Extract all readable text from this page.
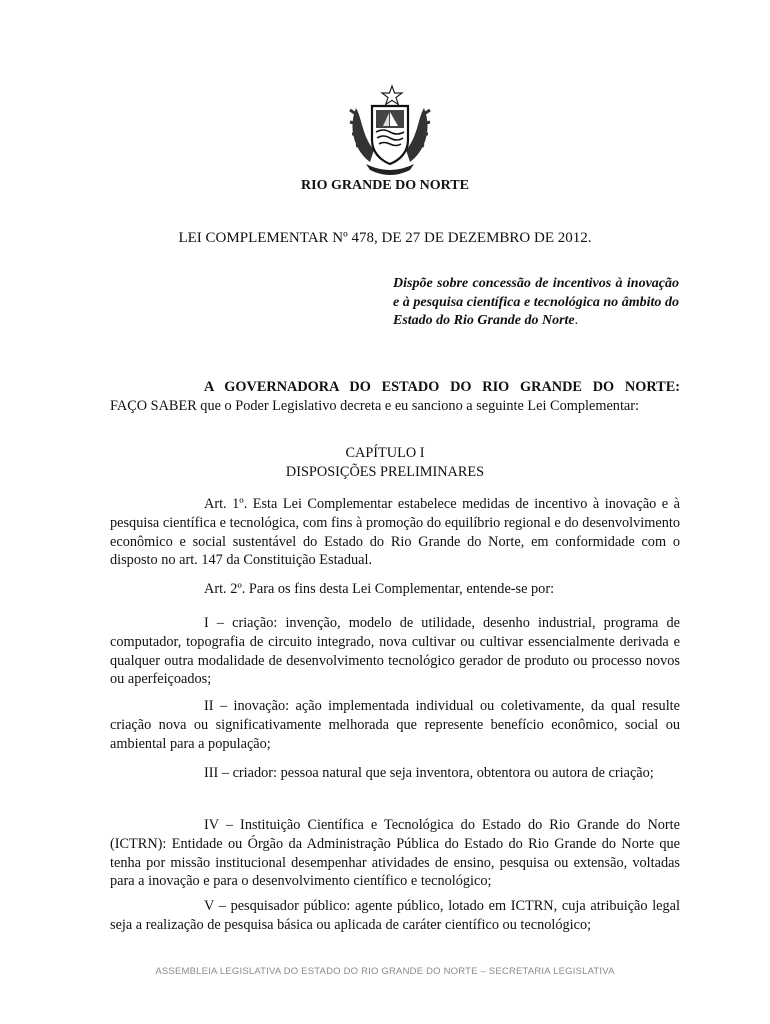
RIO GRANDE DO NORTE
LEI COMPLEMENTAR Nº 478, DE 27 DE DEZEMBRO DE 2012.
Dispõe sobre concessão de incentivos à inovação e à pesquisa científica e tecnológica no âmbito do Estado do Rio Grande do Norte.
A GOVERNADORA DO ESTADO DO RIO GRANDE DO NORTE:
FAÇO SABER que o Poder Legislativo decreta e eu sanciono a seguinte Lei Complementar:
CAPÍTULO I
DISPOSIÇÕES PRELIMINARES
Art. 1º. Esta Lei Complementar estabelece medidas de incentivo à inovação e à pesquisa científica e tecnológica, com fins à promoção do equilíbrio regional e do desenvolvimento econômico e social sustentável do Estado do Rio Grande do Norte, em conformidade com o disposto no art. 147 da Constituição Estadual.
Art. 2º. Para os fins desta Lei Complementar, entende-se por:
I – criação: invenção, modelo de utilidade, desenho industrial, programa de computador, topografia de circuito integrado, nova cultivar ou cultivar essencialmente derivada e qualquer outra modalidade de desenvolvimento tecnológico gerador de produto ou processo novos ou aperfeiçoados;
II – inovação: ação implementada individual ou coletivamente, da qual resulte criação nova ou significativamente melhorada que represente benefício econômico, social ou ambiental para a população;
III – criador: pessoa natural que seja inventora, obtentora ou autora de criação;
IV – Instituição Científica e Tecnológica do Estado do Rio Grande do Norte (ICTRN): Entidade ou Órgão da Administração Pública do Estado do Rio Grande do Norte que tenha por missão institucional desempenhar atividades de ensino, pesquisa ou extensão, voltadas para a inovação e para o desenvolvimento científico e tecnológico;
V – pesquisador público: agente público, lotado em ICTRN, cuja atribuição legal seja a realização de pesquisa básica ou aplicada de caráter científico ou tecnológico;
ASSEMBLEIA LEGISLATIVA DO ESTADO DO RIO GRANDE DO NORTE – SECRETARIA LEGISLATIVA
